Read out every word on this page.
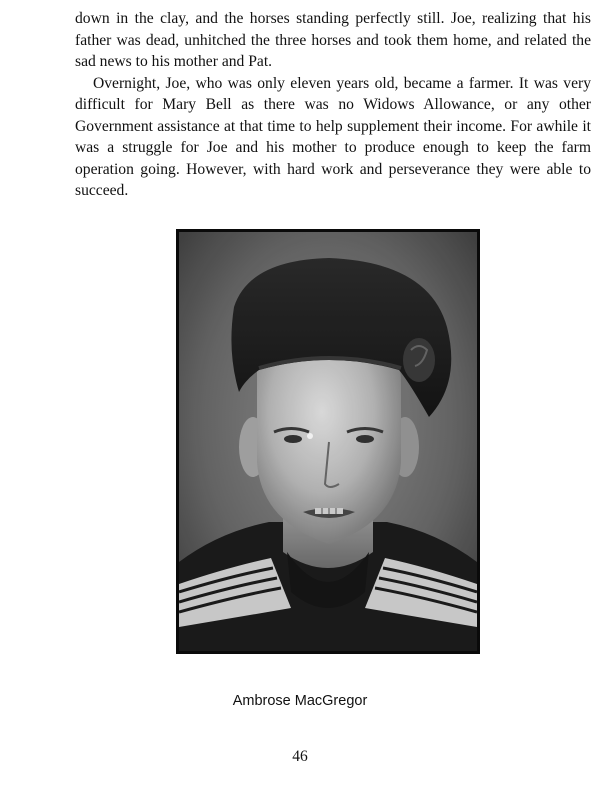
down in the clay, and the horses standing perfectly still. Joe, realizing that his father was dead, unhitched the three horses and took them home, and related the sad news to his mother and Pat.

Overnight, Joe, who was only eleven years old, became a farmer. It was very difficult for Mary Bell as there was no Widows Allowance, or any other Government assistance at that time to help supplement their income. For awhile it was a struggle for Joe and his mother to produce enough to keep the farm operation going. However, with hard work and perseverance they were able to succeed.

Ambrose MacGregor
46
